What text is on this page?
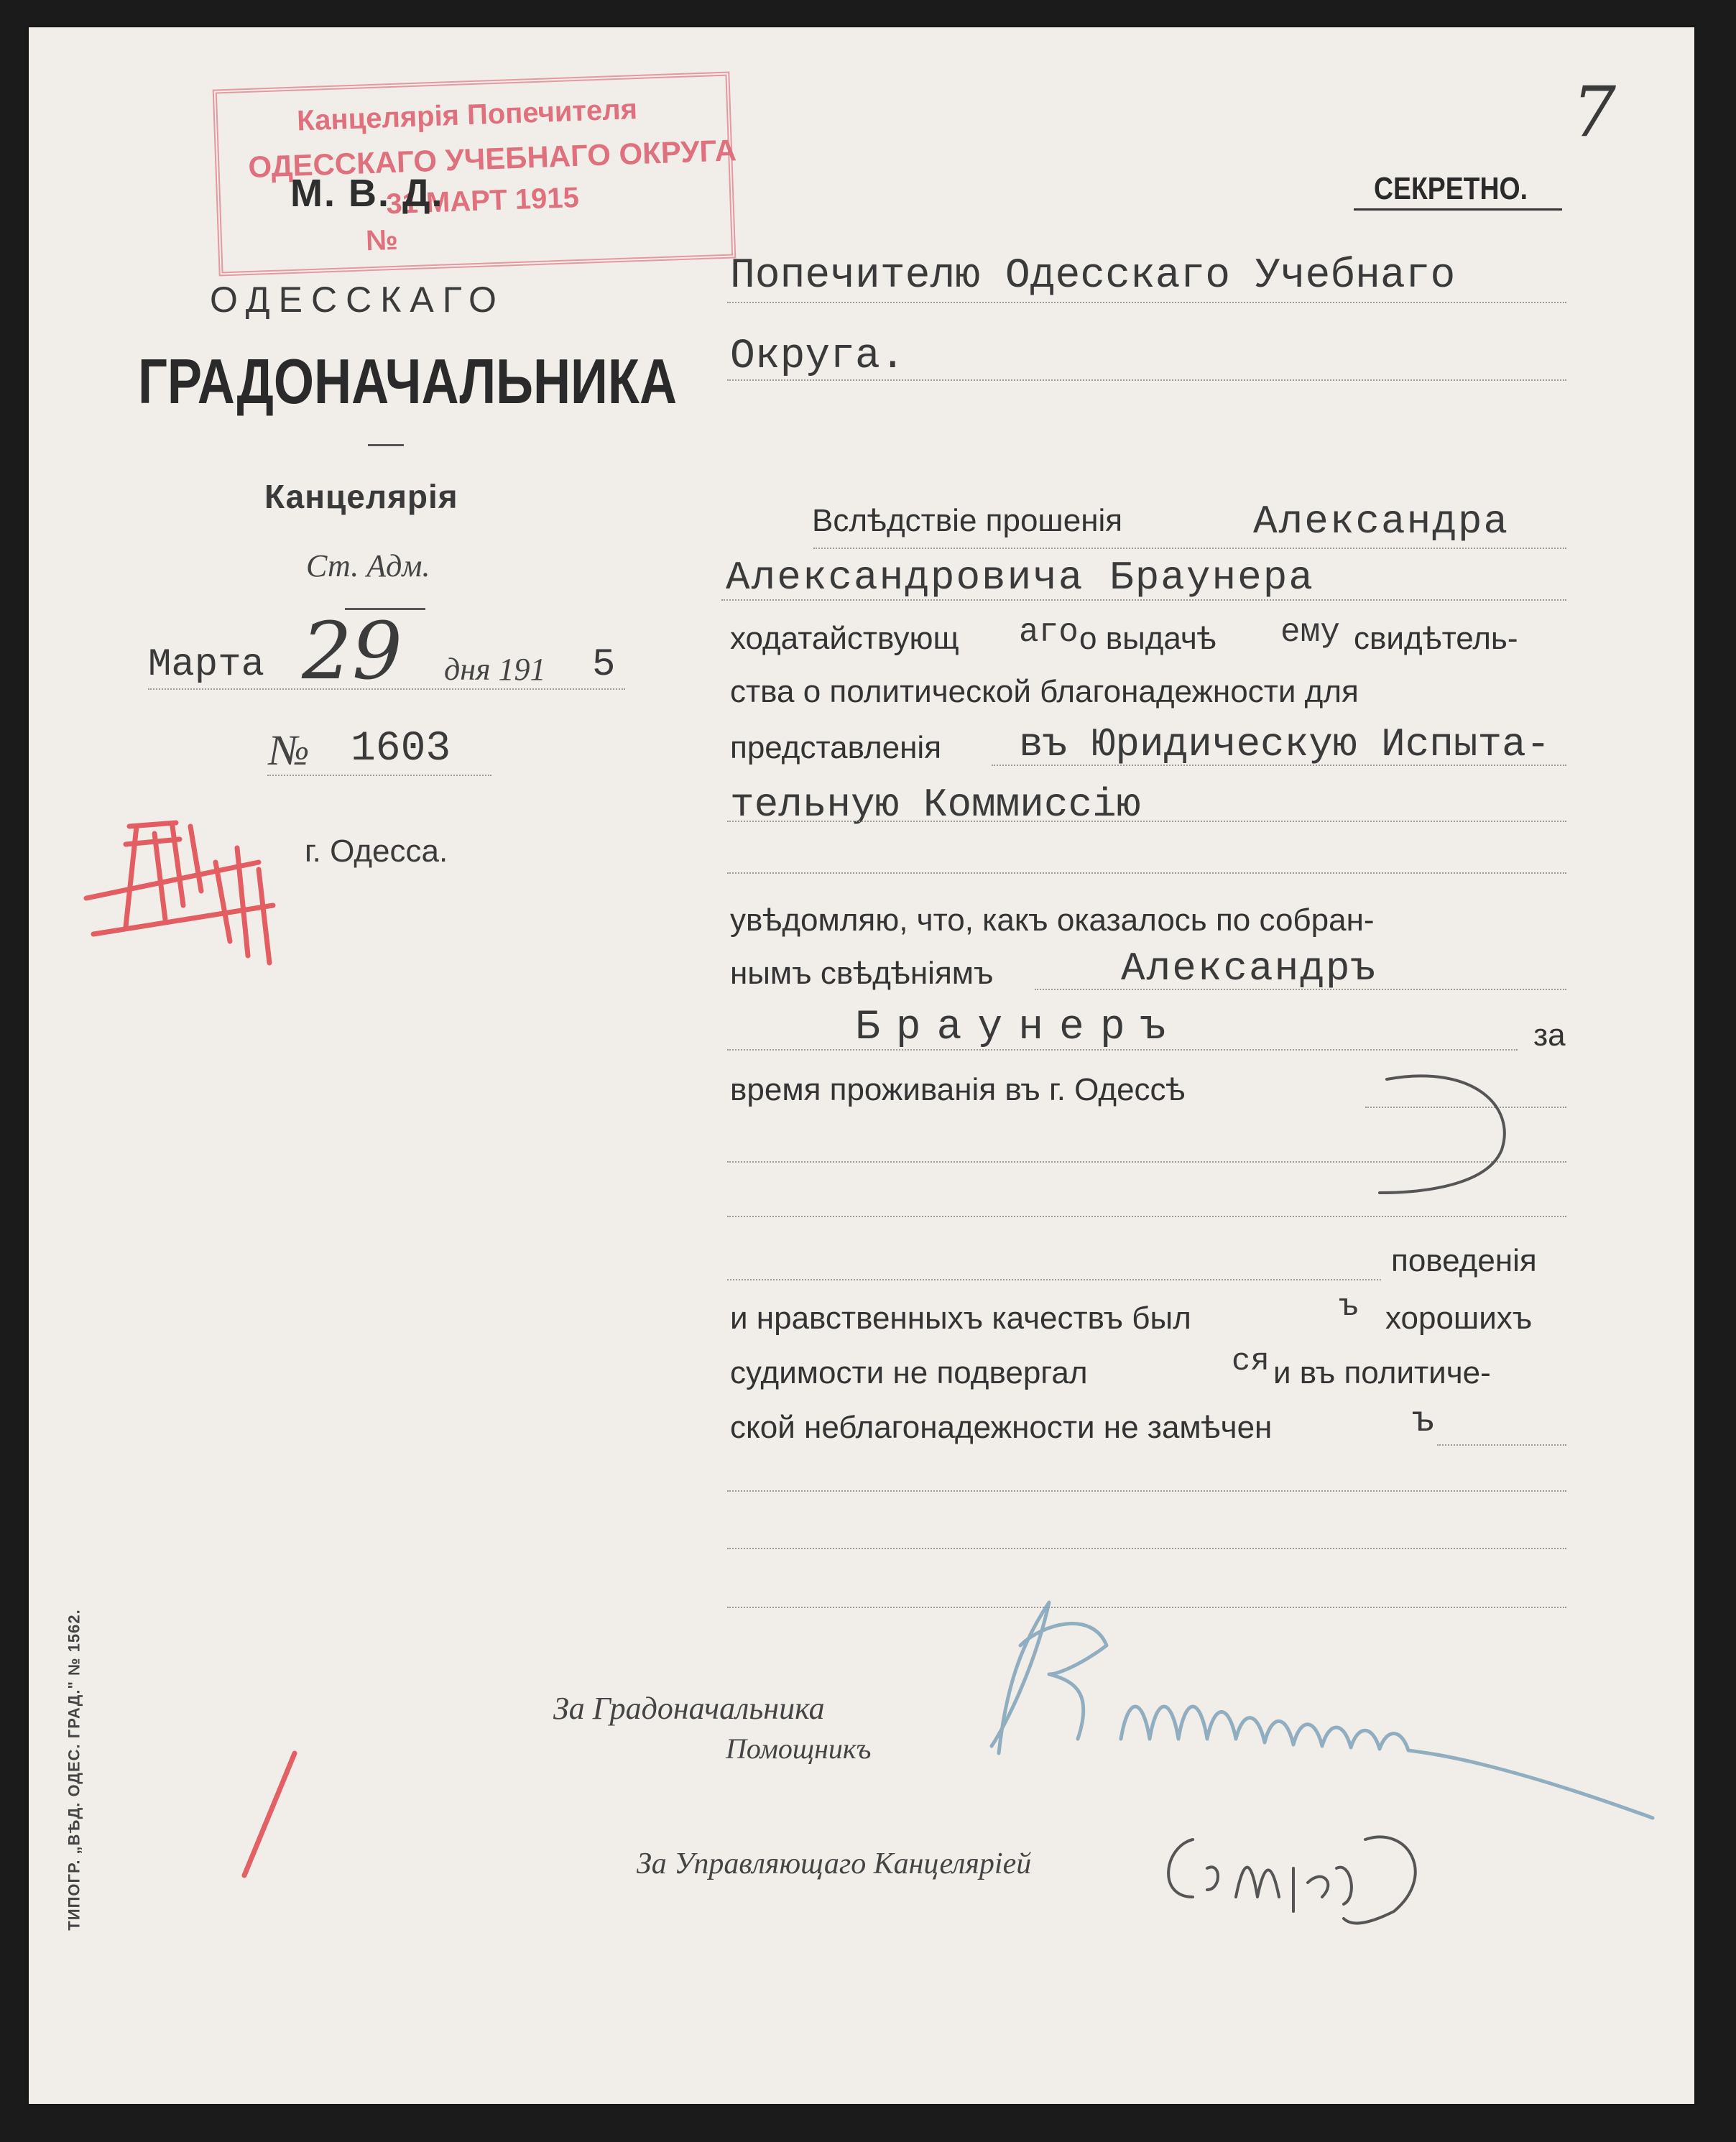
Канцелярія Попечителя
ОДЕССКАГО УЧЕБНАГО ОКРУГА
31 МАРТ 1915
№
М. В. Д.
ОДЕССКАГО
ГРАДОНАЧАЛЬНИКА
Канцелярія
Ст. Адм.
Марта 29 дня 191 5
№ 1603
г. Одесса.
7
СЕКРЕТНО.
Попечителю Одесскаго Учебнаго
Округа.
Вслѣдствіе прошенія	Александра
Александровича Браунера
ходатайствующ аго о выдачѣ ему свидѣтель-
ства о политической благонадежности для
представленія въ Юридическую Испыта-
тельную Коммиссію
увѣдомляю, что, какъ оказалось по собран-
нымъ свѣдѣніямъ	Александръ
Браунеръ	за
время проживанія въ г. Одессѣ
поведенія
и нравственныхъ качествъ был	ъ хорошихъ
судимости не подвергал	ся и въ политиче-
ской неблагонадежности не замѣчен	ъ
За Градоначальника
Помощникъ
За Управляющаго Канцеляріей
ТИПОГР. „ВѢД. ОДЕС. ГРАД." № 1562.
